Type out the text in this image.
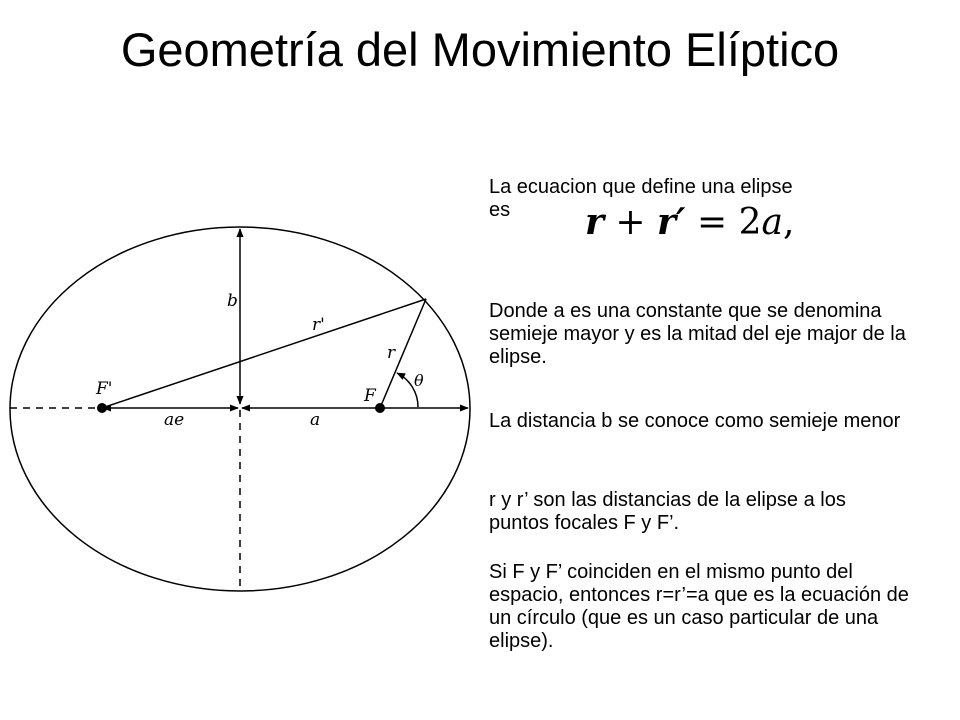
Geometría del Movimiento Elíptico
b
r'
r
θ
F'	F
ae	a

La ecuacion que define una elipse
es	r + r′ = 2a,

Donde a es una constante que se denomina semieje mayor y es la mitad del eje major de la elipse.

La distancia b se conoce como semieje menor

r y r’ son las distancias de la elipse a los puntos focales F y F’.

Si F y F’ coinciden en el mismo punto del espacio, entonces r=r’=a que es la ecuación de un círculo (que es un caso particular de una elipse).
